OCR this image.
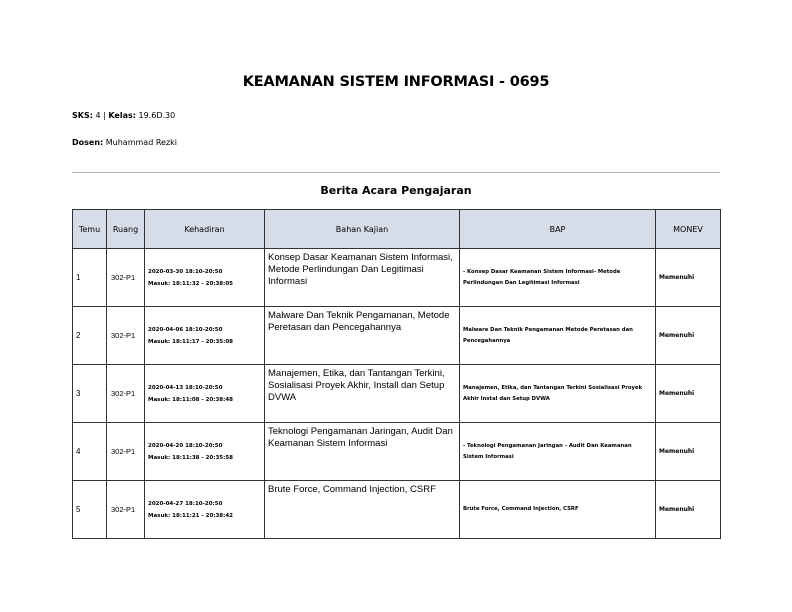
KEAMANAN SISTEM INFORMASI - 0695
SKS: 4 | Kelas: 19.6D.30
Dosen: Muhammad Rezki
Berita Acara Pengajaran
Temu	Ruang	Kehadiran	Bahan Kajian	BAP	MONEV
1	302-P1	2020-03-30 18:10-20:50
Masuk: 18:11:32 - 20:38:05	Konsep Dasar Keamanan Sistem Informasi, Metode Perlindungan Dan Legitimasi Informasi	- Konsep Dasar Keamanan Sistem Informasi- Metode Perlindungan Dan Legitimasi Informasi	Memenuhi
2	302-P1	2020-04-06 18:10-20:50
Masuk: 18:11:17 - 20:35:08	Malware Dan Teknik Pengamanan, Metode Peretasan dan Pencegahannya	Malware Dan Teknik Pengamanan Metode Peretasan dan Pencegahannya	Memenuhi
3	302-P1	2020-04-13 18:10-20:50
Masuk: 18:11:08 - 20:38:48	Manajemen, Etika, dan Tantangan Terkini, Sosialisasi Proyek Akhir, Install dan Setup DVWA	Manajemen, Etika, dan Tantangan Terkini Sosialisasi Proyek Akhir Instal dan Setup DVWA	Memenuhi
4	302-P1	2020-04-20 18:10-20:50
Masuk: 18:11:38 - 20:35:58	Teknologi Pengamanan Jaringan, Audit Dan Keamanan Sistem Informasi	- Teknologi Pengamanan Jaringan - Audit Dan Keamanan Sistem Informasi	Memenuhi
5	302-P1	2020-04-27 18:10-20:50
Masuk: 18:11:21 - 20:38:42	Brute Force, Command Injection, CSRF	Brute Force, Command Injection, CSRF	Memenuhi
